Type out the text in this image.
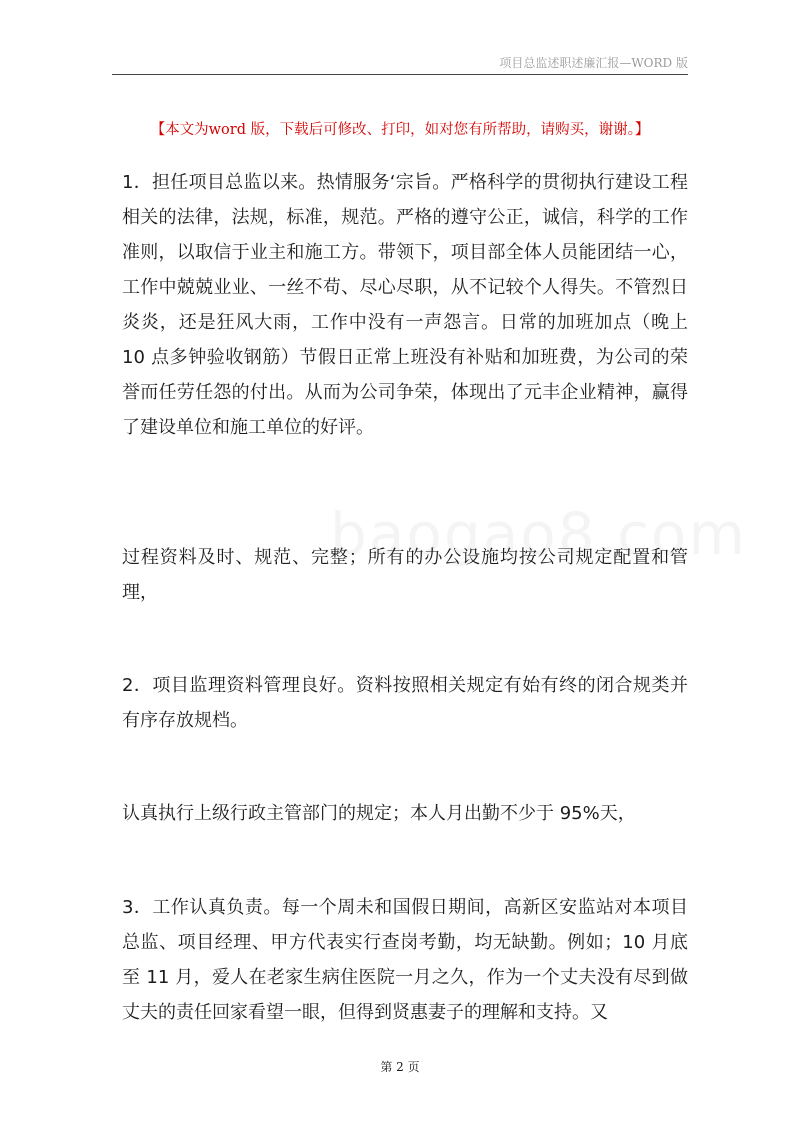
项目总监述职述廉汇报—WORD 版
【本文为word 版，下载后可修改、打印，如对您有所帮助，请购买，谢谢。】

1．担任项目总监以来。热情服务‘宗旨。严格科学的贯彻执行建设工程相关的法律，法规，标准，规范。严格的遵守公正，诚信，科学的工作准则，以取信于业主和施工方。带领下，项目部全体人员能团结一心，工作中兢兢业业、一丝不苟、尽心尽职，从不记较个人得失。不管烈日炎炎，还是狂风大雨，工作中没有一声怨言。日常的加班加点（晚上 10 点多钟验收钢筋）节假日正常上班没有补贴和加班费，为公司的荣誉而任劳任怨的付出。从而为公司争荣，体现出了元丰企业精神，赢得了建设单位和施工单位的好评。

过程资料及时、规范、完整；所有的办公设施均按公司规定配置和管理，

2．项目监理资料管理良好。资料按照相关规定有始有终的闭合规类并有序存放规档。

认真执行上级行政主管部门的规定；本人月出勤不少于 95%天，

3．工作认真负责。每一个周未和国假日期间，高新区安监站对本项目总监、项目经理、甲方代表实行查岗考勤，均无缺勤。例如；10 月底至 11 月，爱人在老家生病住医院一月之久，作为一个丈夫没有尽到做丈夫的责任回家看望一眼，但得到贤惠妻子的理解和支持。又

第 2 页
